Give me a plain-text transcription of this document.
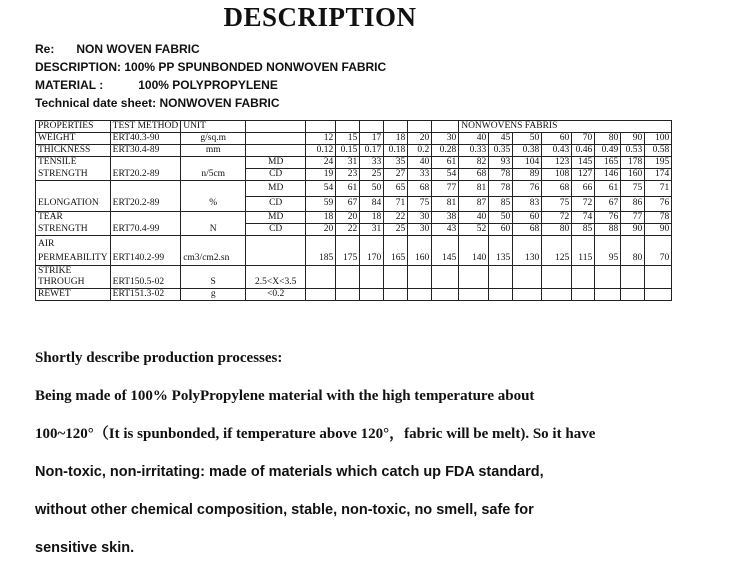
DESCRIPTION
Re: NON WOVEN FABRIC
DESCRIPTION: 100% PP SPUNBONDED NONWOVEN FABRIC
MATERIAL :	100% POLYPROPYLENE
Technical date sheet: NONWOVEN FABRIC
PROPERTIES	TEST METHOD	UNIT								NONWOVENS FABRIS							
WEIGHT	ERT40.3-90	g/sq.m		12	15	17	18	20	30	40	45	50	60	70	80	90	100
THICKNESS	ERT30.4-89	mm		0.12	0.15	0.17	0.18	0.2	0.28	0.33	0.35	0.38	0.43	0.46	0.49	0.53	0.58
TENSILE			MD	24	31	33	35	40	61	82	93	104	123	145	165	178	195
STRENGTH	ERT20.2-89	n/5cm	CD	19	23	25	27	33	54	68	78	89	108	127	146	160	174
			MD	54	61	50	65	68	77	81	78	76	68	66	61	75	71
ELONGATION	ERT20.2-89	%	CD	59	67	84	71	75	81	87	85	83	75	72	67	86	76
TEAR			MD	18	20	18	22	30	38	40	50	60	72	74	76	77	78
STRENGTH	ERT70.4-99	N	CD	20	22	31	25	30	43	52	60	68	80	85	88	90	90
AIR																	
PERMEABILITY	ERT140.2-99	cm3/cm2.sn		185	175	170	165	160	145	140	135	130	125	115	95	80	70
STRIKE																	
THROUGH	ERT150.5-02	S	2.5<X<3.5														
REWET	ERT151.3-02	g	<0.2														
Shortly describe production processes:
Being made of 100% PolyPropylene material with the high temperature about
100~120°（It is spunbonded, if temperature above 120°，fabric will be melt). So it have
Non-toxic, non-irritating: made of materials which catch up FDA standard,
without other chemical composition, stable, non-toxic, no smell, safe for
sensitive skin.
